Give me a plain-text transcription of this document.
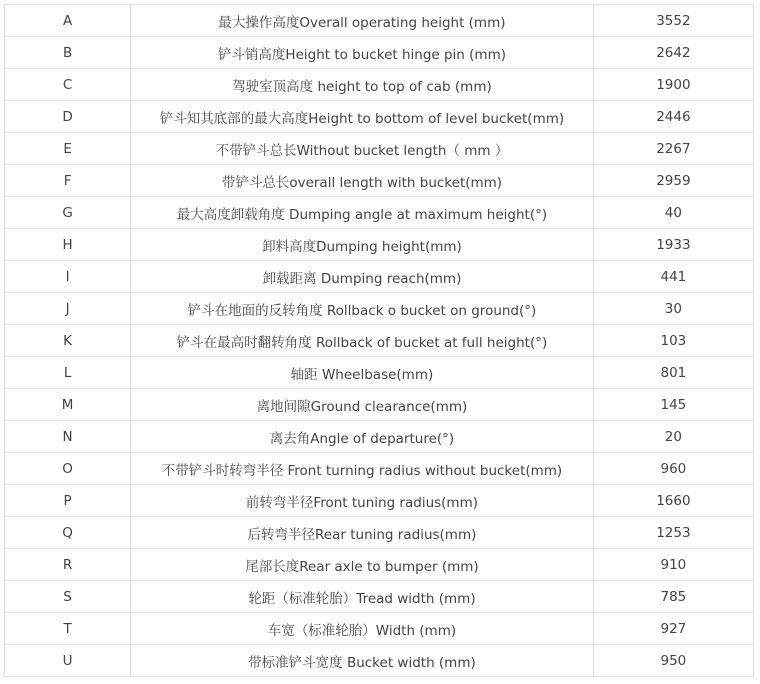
A	最大操作高度Overall operating height (mm)	3552
B	铲斗销高度Height to bucket hinge pin (mm)	2642
C	驾驶室顶高度 height to top of cab (mm)	1900
D	铲斗知其底部的最大高度Height to bottom of level bucket(mm)	2446
E	不带铲斗总长Without bucket length（ mm ）	2267
F	带铲斗总长overall length with bucket(mm)	2959
G	最大高度卸载角度 Dumping angle at maximum height(°)	40
H	卸料高度Dumping height(mm)	1933
I	卸载距离 Dumping reach(mm)	441
J	铲斗在地面的反转角度 Rollback o bucket on ground(°)	30
K	铲斗在最高时翻转角度 Rollback of bucket at full height(°)	103
L	轴距 Wheelbase(mm)	801
M	离地间隙Ground clearance(mm)	145
N	离去角Angle of departure(°)	20
O	不带铲斗时转弯半径 Front turning radius without bucket(mm)	960
P	前转弯半径Front tuning radius(mm)	1660
Q	后转弯半径Rear tuning radius(mm)	1253
R	尾部长度Rear axle to bumper (mm)	910
S	轮距（标准轮胎）Tread width (mm)	785
T	车宽（标准轮胎）Width (mm)	927
U	带标准铲斗宽度 Bucket width (mm)	950
